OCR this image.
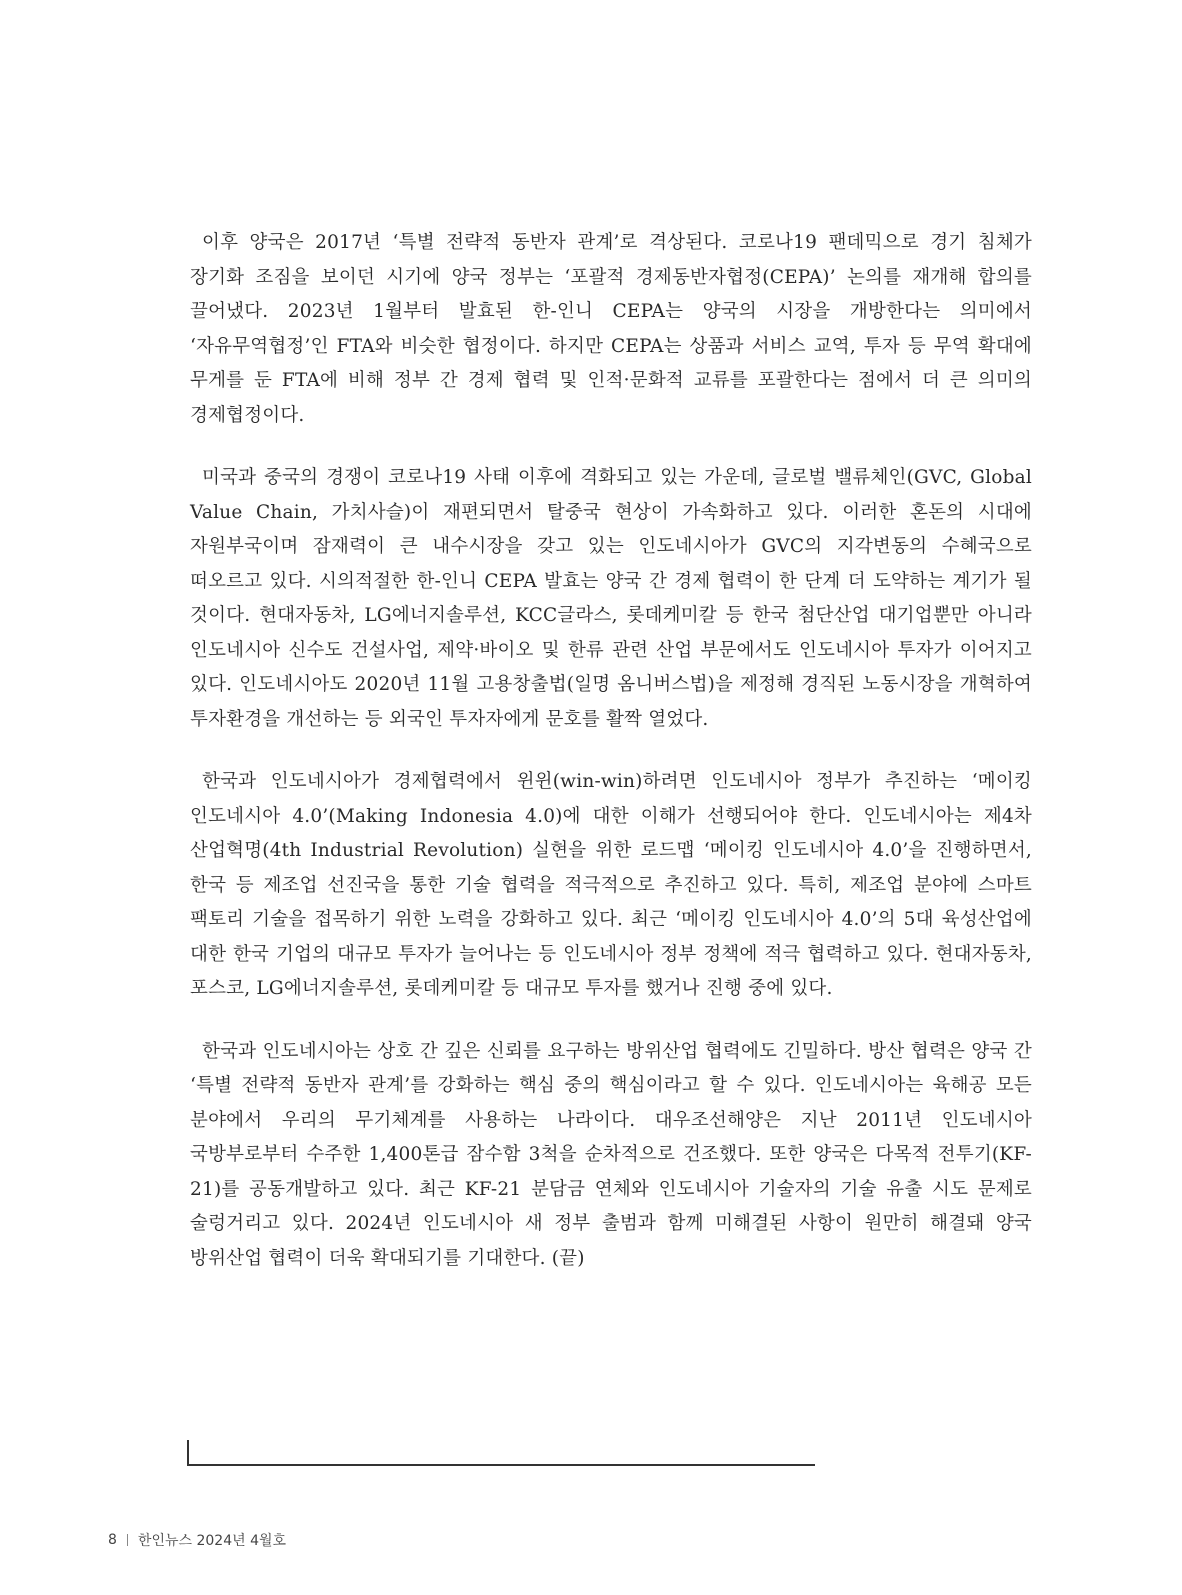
이후 양국은 2017년 ‘특별 전략적 동반자 관계’로 격상된다. 코로나19 팬데믹으로 경기 침체가 장기화 조짐을 보이던 시기에 양국 정부는 ‘포괄적 경제동반자협정(CEPA)’ 논의를 재개해 합의를 끌어냈다. 2023년 1월부터 발효된 한-인니 CEPA는 양국의 시장을 개방한다는 의미에서 ‘자유무역협정’인 FTA와 비슷한 협정이다. 하지만 CEPA는 상품과 서비스 교역, 투자 등 무역 확대에 무게를 둔 FTA에 비해 정부 간 경제 협력 및 인적·문화적 교류를 포괄한다는 점에서 더 큰 의미의 경제협정이다.

미국과 중국의 경쟁이 코로나19 사태 이후에 격화되고 있는 가운데, 글로벌 밸류체인(GVC, Global Value Chain, 가치사슬)이 재편되면서 탈중국 현상이 가속화하고 있다. 이러한 혼돈의 시대에 자원부국이며 잠재력이 큰 내수시장을 갖고 있는 인도네시아가 GVC의 지각변동의 수혜국으로 떠오르고 있다. 시의적절한 한-인니 CEPA 발효는 양국 간 경제 협력이 한 단계 더 도약하는 계기가 될 것이다. 현대자동차, LG에너지솔루션, KCC글라스, 롯데케미칼 등 한국 첨단산업 대기업뿐만 아니라 인도네시아 신수도 건설사업, 제약·바이오 및 한류 관련 산업 부문에서도 인도네시아 투자가 이어지고 있다. 인도네시아도 2020년 11월 고용창출법(일명 옴니버스법)을 제정해 경직된 노동시장을 개혁하여 투자환경을 개선하는 등 외국인 투자자에게 문호를 활짝 열었다.

한국과 인도네시아가 경제협력에서 윈윈(win-win)하려면 인도네시아 정부가 추진하는 ‘메이킹 인도네시아 4.0’(Making Indonesia 4.0)에 대한 이해가 선행되어야 한다. 인도네시아는 제4차 산업혁명(4th Industrial Revolution) 실현을 위한 로드맵 ‘메이킹 인도네시아 4.0’을 진행하면서, 한국 등 제조업 선진국을 통한 기술 협력을 적극적으로 추진하고 있다. 특히, 제조업 분야에 스마트 팩토리 기술을 접목하기 위한 노력을 강화하고 있다. 최근 ‘메이킹 인도네시아 4.0’의 5대 육성산업에 대한 한국 기업의 대규모 투자가 늘어나는 등 인도네시아 정부 정책에 적극 협력하고 있다. 현대자동차, 포스코, LG에너지솔루션, 롯데케미칼 등 대규모 투자를 했거나 진행 중에 있다.

한국과 인도네시아는 상호 간 깊은 신뢰를 요구하는 방위산업 협력에도 긴밀하다. 방산 협력은 양국 간 ‘특별 전략적 동반자 관계’를 강화하는 핵심 중의 핵심이라고 할 수 있다. 인도네시아는 육해공 모든 분야에서 우리의 무기체계를 사용하는 나라이다. 대우조선해양은 지난 2011년 인도네시아 국방부로부터 수주한 1,400톤급 잠수함 3척을 순차적으로 건조했다. 또한 양국은 다목적 전투기(KF-21)를 공동개발하고 있다. 최근 KF-21 분담금 연체와 인도네시아 기술자의 기술 유출 시도 문제로 술렁거리고 있다. 2024년 인도네시아 새 정부 출범과 함께 미해결된 사항이 원만히 해결돼 양국 방위산업 협력이 더욱 확대되기를 기대한다. (끝)

8 한인뉴스 2024년 4월호
